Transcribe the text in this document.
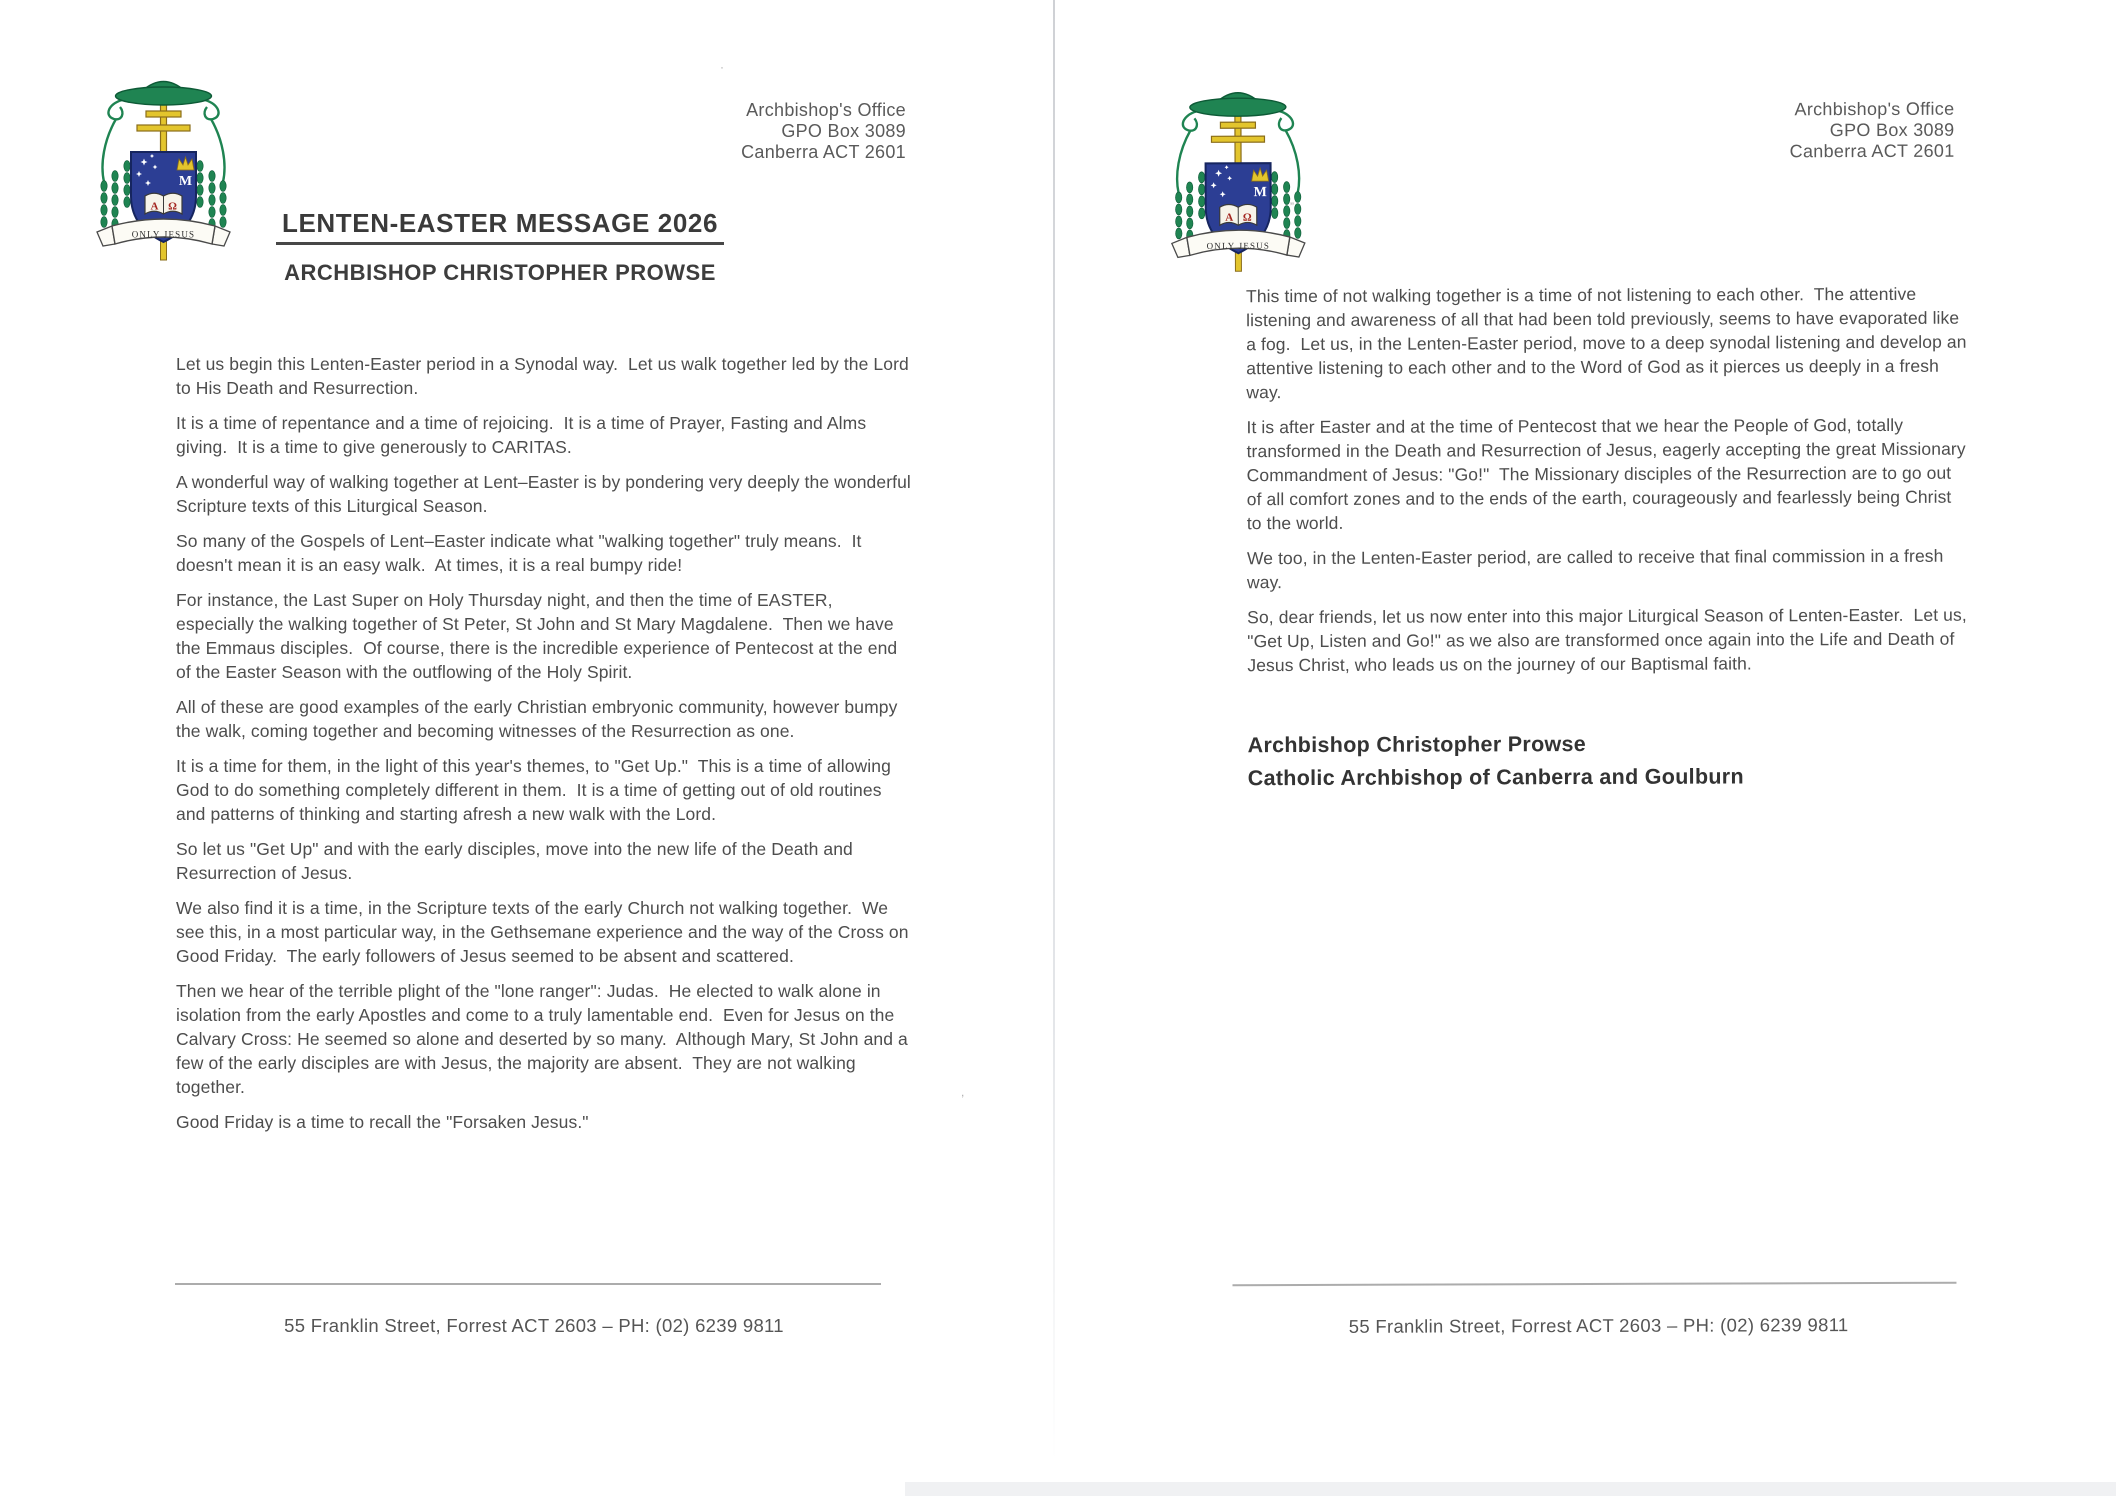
Archbishop's Office
GPO Box 3089
Canberra ACT 2601
LENTEN-EASTER MESSAGE 2026
ARCHBISHOP CHRISTOPHER PROWSE

Let us begin this Lenten-Easter period in a Synodal way.  Let us walk together led by the Lord to His Death and Resurrection.

It is a time of repentance and a time of rejoicing.  It is a time of Prayer, Fasting and Alms giving.  It is a time to give generously to CARITAS.

A wonderful way of walking together at Lent–Easter is by pondering very deeply the wonderful Scripture texts of this Liturgical Season.

So many of the Gospels of Lent–Easter indicate what "walking together" truly means.  It doesn't mean it is an easy walk.  At times, it is a real bumpy ride!

For instance, the Last Super on Holy Thursday night, and then the time of EASTER, especially the walking together of St Peter, St John and St Mary Magdalene.  Then we have the Emmaus disciples.  Of course, there is the incredible experience of Pentecost at the end of the Easter Season with the outflowing of the Holy Spirit.

All of these are good examples of the early Christian embryonic community, however bumpy the walk, coming together and becoming witnesses of the Resurrection as one.

It is a time for them, in the light of this year's themes, to "Get Up."  This is a time of allowing God to do something completely different in them.  It is a time of getting out of old routines and patterns of thinking and starting afresh a new walk with the Lord.

So let us "Get Up" and with the early disciples, move into the new life of the Death and Resurrection of Jesus.

We also find it is a time, in the Scripture texts of the early Church not walking together.  We see this, in a most particular way, in the Gethsemane experience and the way of the Cross on Good Friday.  The early followers of Jesus seemed to be absent and scattered.

Then we hear of the terrible plight of the "lone ranger": Judas.  He elected to walk alone in isolation from the early Apostles and come to a truly lamentable end.  Even for Jesus on the Calvary Cross: He seemed so alone and deserted by so many.  Although Mary, St John and a few of the early disciples are with Jesus, the majority are absent.  They are not walking together.

Good Friday is a time to recall the "Forsaken Jesus."

55 Franklin Street, Forrest ACT 2603 – PH: (02) 6239 9811
Archbishop's Office
GPO Box 3089
Canberra ACT 2601

This time of not walking together is a time of not listening to each other.  The attentive listening and awareness of all that had been told previously, seems to have evaporated like a fog.  Let us, in the Lenten-Easter period, move to a deep synodal listening and develop an attentive listening to each other and to the Word of God as it pierces us deeply in a fresh way.

It is after Easter and at the time of Pentecost that we hear the People of God, totally transformed in the Death and Resurrection of Jesus, eagerly accepting the great Missionary Commandment of Jesus: "Go!"  The Missionary disciples of the Resurrection are to go out of all comfort zones and to the ends of the earth, courageously and fearlessly being Christ to the world.

We too, in the Lenten-Easter period, are called to receive that final commission in a fresh way.

So, dear friends, let us now enter into this major Liturgical Season of Lenten-Easter.  Let us, "Get Up, Listen and Go!" as we also are transformed once again into the Life and Death of Jesus Christ, who leads us on the journey of our Baptismal faith.

Archbishop Christopher Prowse
Catholic Archbishop of Canberra and Goulburn
55 Franklin Street, Forrest ACT 2603 – PH: (02) 6239 9811
”
,
·
